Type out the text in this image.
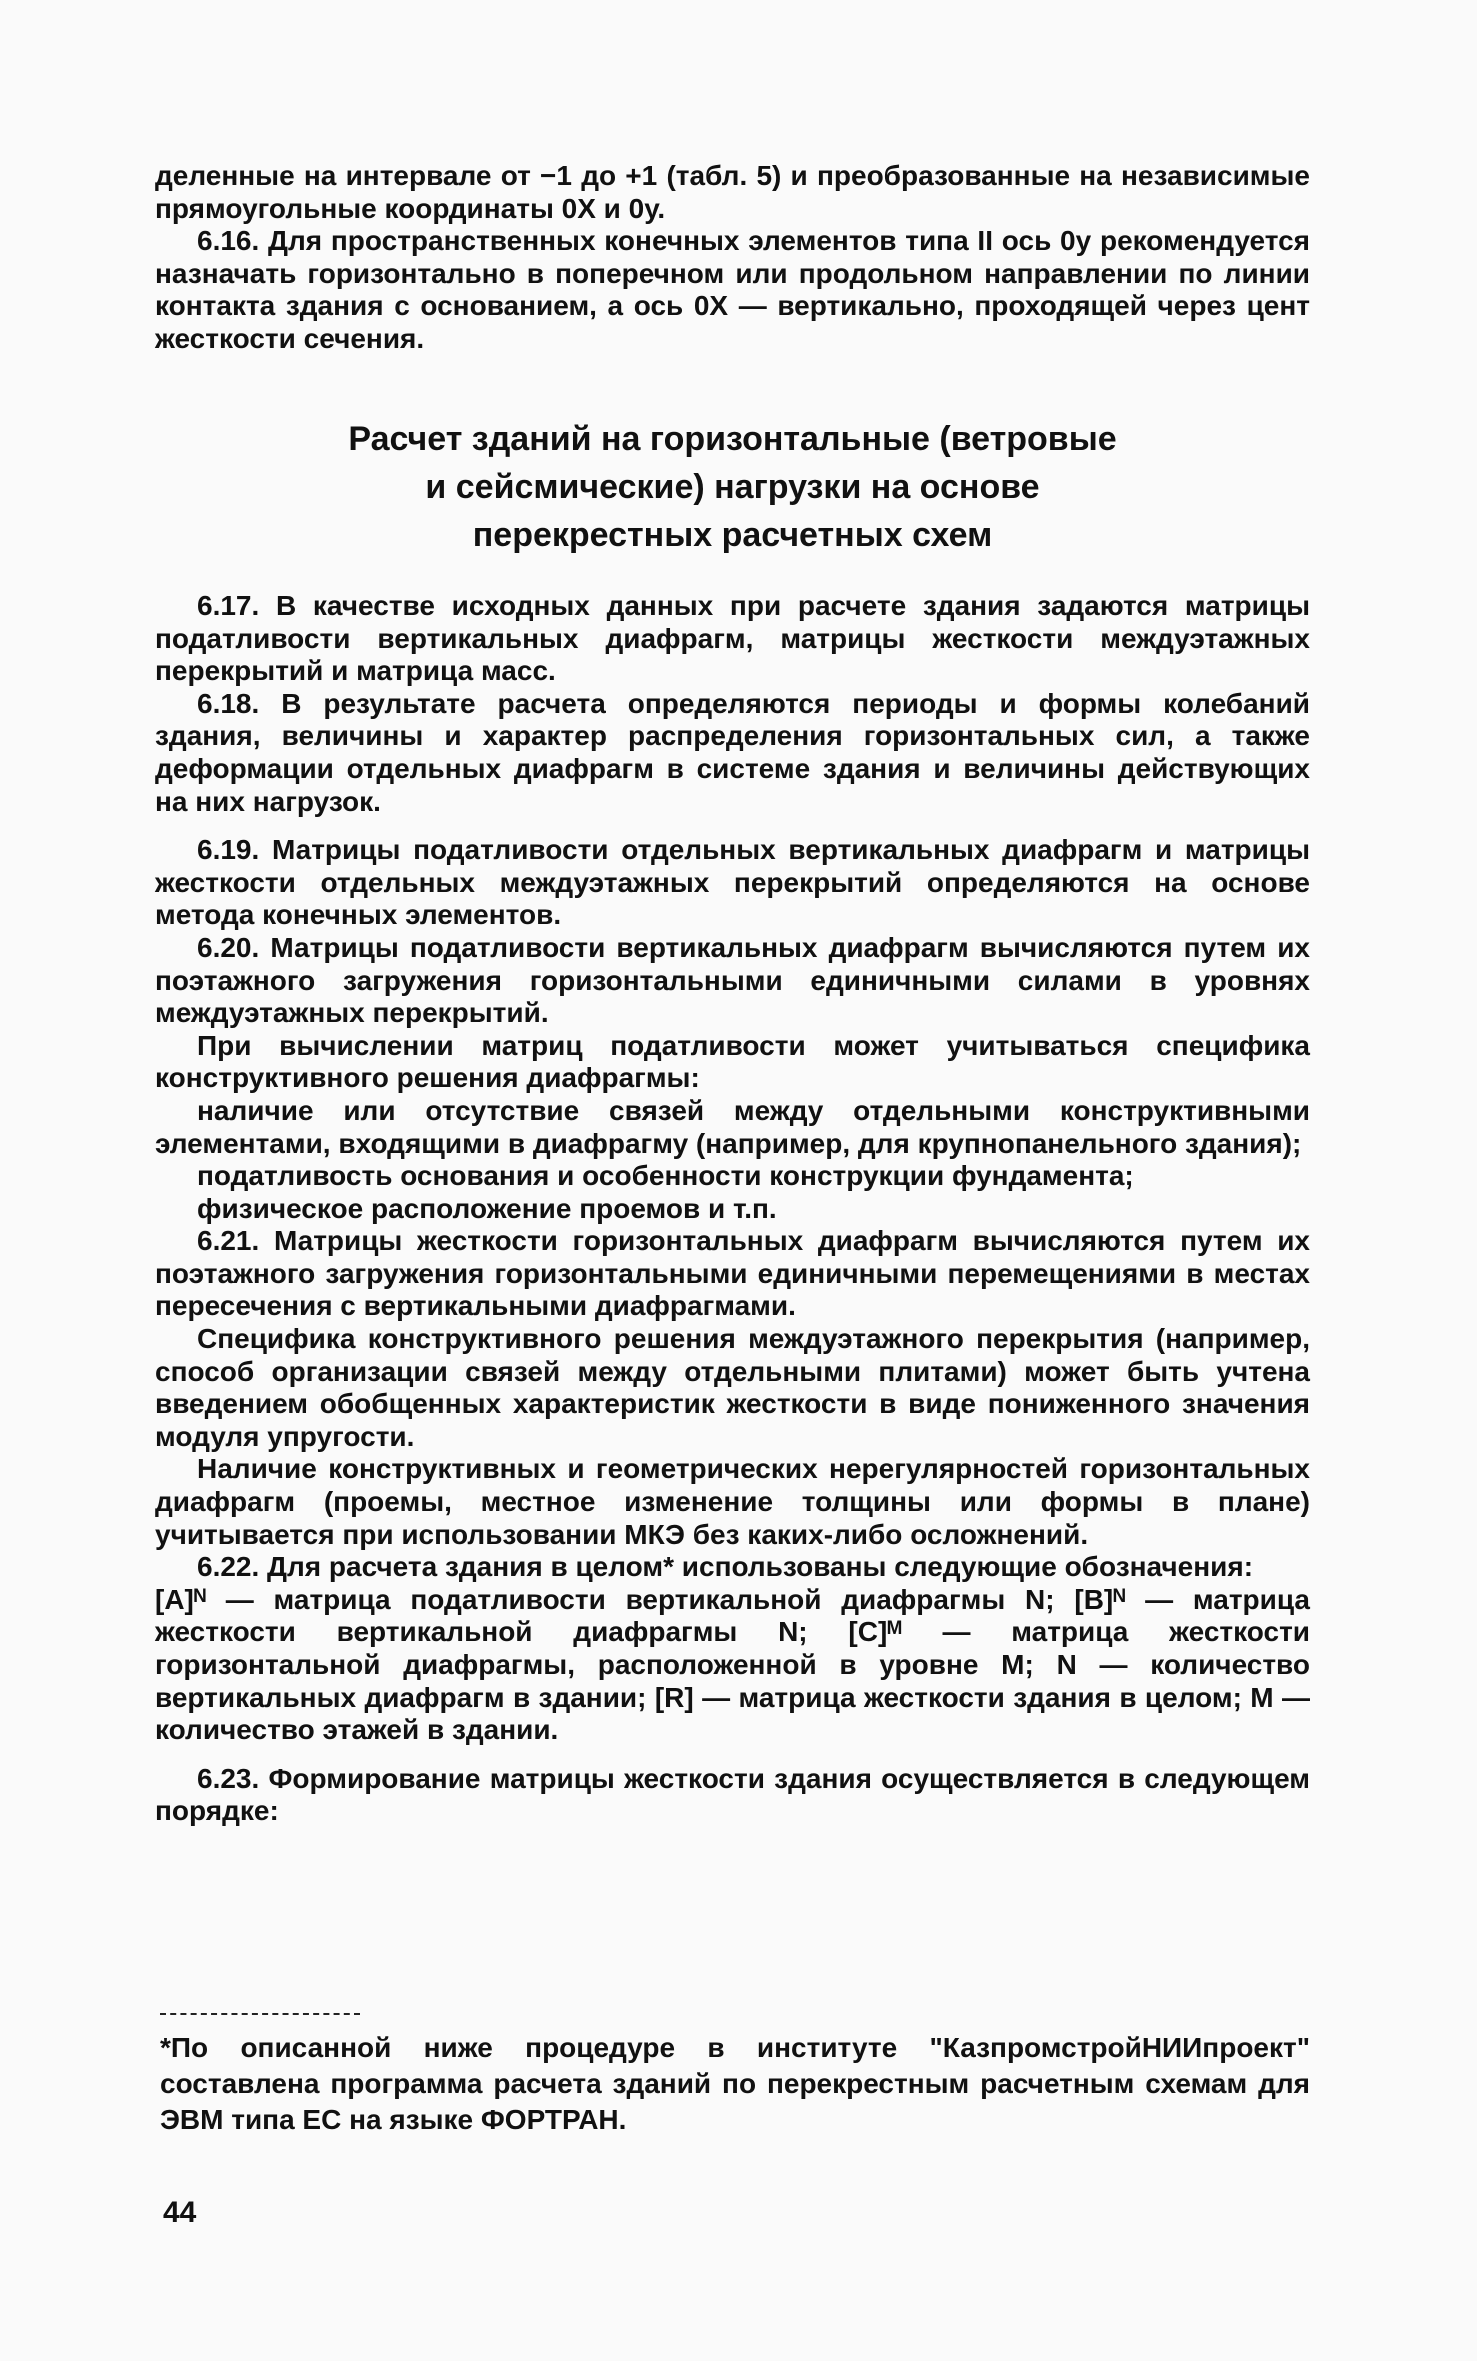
деленные на интервале от −1 до +1 (табл. 5) и преобразованные на независимые прямоугольные координаты 0Х и 0у.

6.16. Для пространственных конечных элементов типа II ось 0у рекомендуется назначать горизонтально в поперечном или продольном направлении по линии контакта здания с основанием, а ось 0Х — вертикально, проходящей через цент жесткости сечения.

Расчет зданий на горизонтальные (ветровые
и сейсмические) нагрузки на основе
перекрестных расчетных схем

6.17. В качестве исходных данных при расчете здания задаются матрицы податливости вертикальных диафрагм, матрицы жесткости междуэтажных перекрытий и матрица масс.

6.18. В результате расчета определяются периоды и формы колебаний здания, величины и характер распределения горизонтальных сил, а также деформации отдельных диафрагм в системе здания и величины действующих на них нагрузок.

6.19. Матрицы податливости отдельных вертикальных диафрагм и матрицы жесткости отдельных междуэтажных перекрытий определяются на основе метода конечных элементов.

6.20. Матрицы податливости вертикальных диафрагм вычисляются путем их поэтажного загружения горизонтальными единичными силами в уровнях междуэтажных перекрытий.

При вычислении матриц податливости может учитываться специфика конструктивного решения диафрагмы:

наличие или отсутствие связей между отдельными конструктивными элементами, входящими в диафрагму (например, для крупнопанельного здания);

податливость основания и особенности конструкции фундамента;

физическое расположение проемов и т.п.

6.21. Матрицы жесткости горизонтальных диафрагм вычисляются путем их поэтажного загружения горизонтальными единичными перемещениями в местах пересечения с вертикальными диафрагмами.

Специфика конструктивного решения междуэтажного перекрытия (например, способ организации связей между отдельными плитами) может быть учтена введением обобщенных характеристик жесткости в виде пониженного значения модуля упругости.

Наличие конструктивных и геометрических нерегулярностей горизонтальных диафрагм (проемы, местное изменение толщины или формы в плане) учитывается при использовании МКЭ без каких-либо осложнений.

6.22. Для расчета здания в целом* использованы следующие обозначения:

[A]ᴺ — матрица податливости вертикальной диафрагмы N; [B]ᴺ — матрица жесткости вертикальной диафрагмы N; [C]ᴹ — матрица жесткости горизонтальной диафрагмы, расположенной в уровне M; N — количество вертикальных диафрагм в здании; [R] — матрица жесткости здания в целом; M — количество этажей в здании.

6.23. Формирование матрицы жесткости здания осуществляется в следующем порядке:

*По описанной ниже процедуре в институте "КазпромстройНИИпроект" составлена программа расчета зданий по перекрестным расчетным схемам для ЭВМ типа ЕС на языке ФОРТРАН.

44
